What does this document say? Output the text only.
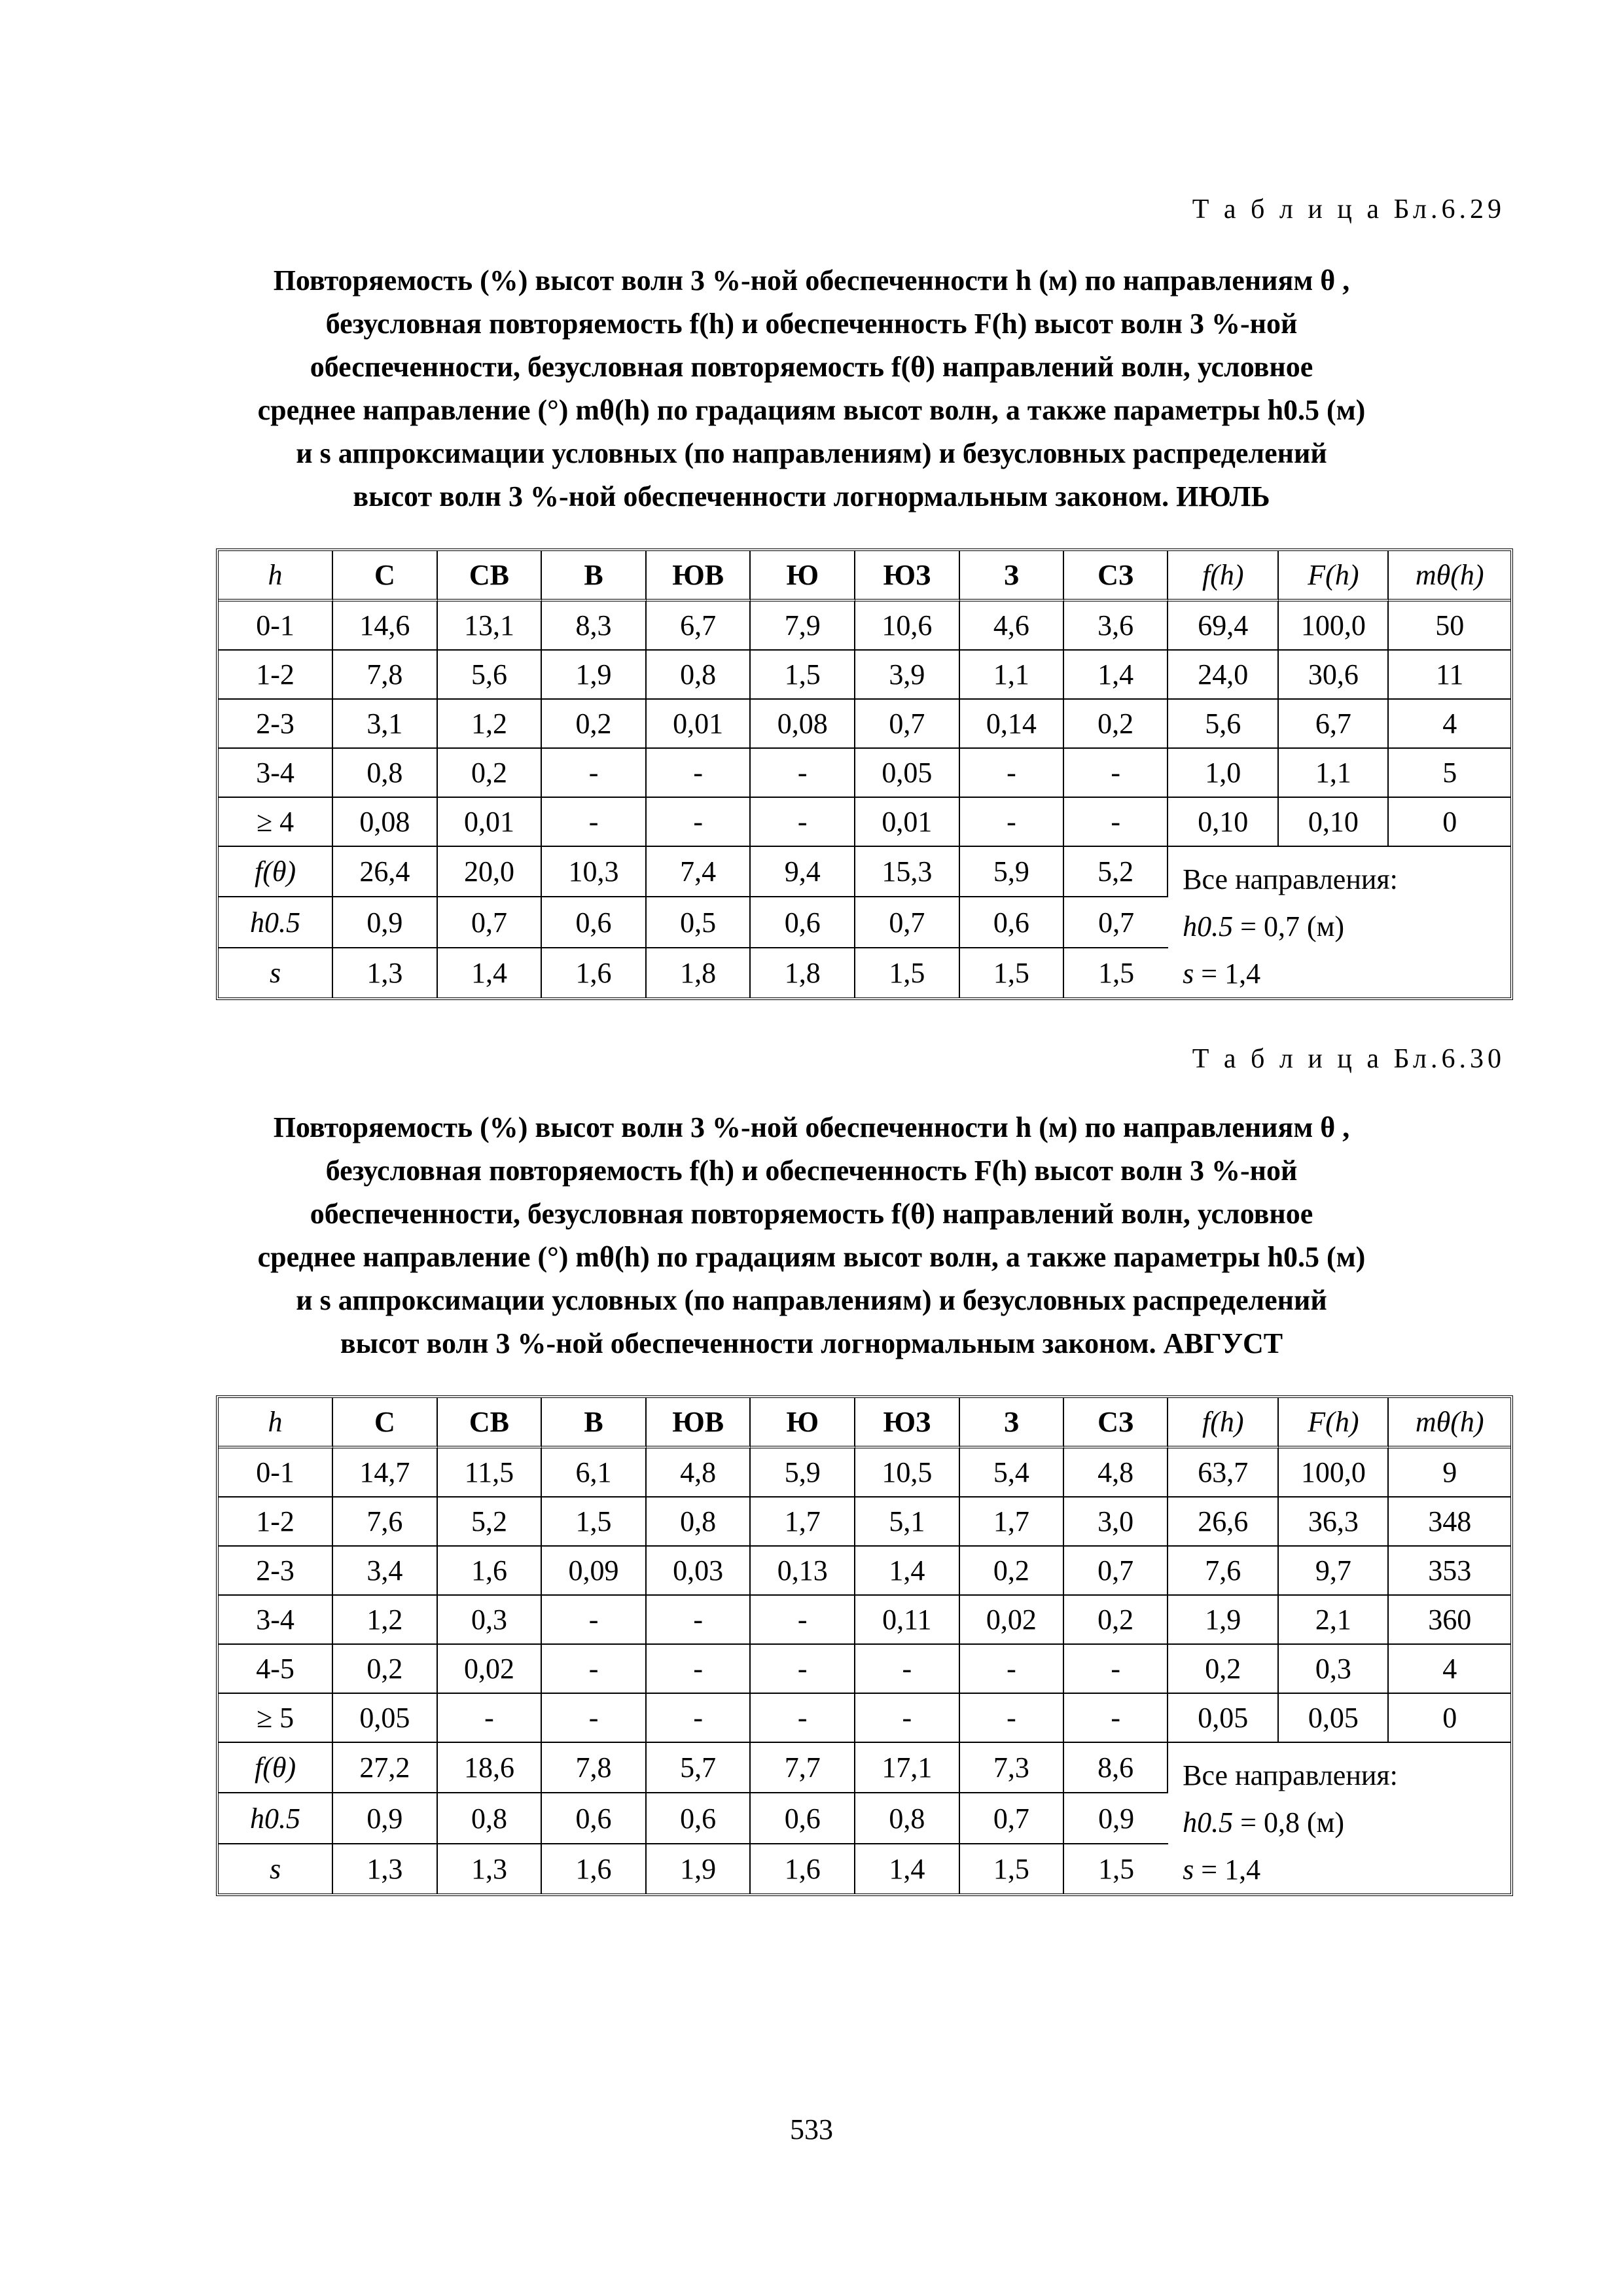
Т а б л и ц а Бл.6.29
Повторяемость (%) высот волн 3 %-ной обеспеченности h (м) по направлениям θ ,
безусловная повторяемость f(h) и обеспеченность F(h) высот волн 3 %-ной
обеспеченности, безусловная повторяемость f(θ) направлений волн, условное
среднее направление (°) mθ(h) по градациям высот волн, а также параметры h0.5 (м)
и s аппроксимации условных (по направлениям) и безусловных распределений
высот волн 3 %-ной обеспеченности логнормальным законом. ИЮЛЬ
h	С	СВ	В	ЮВ	Ю	ЮЗ	З	СЗ	f(h)	F(h)	mθ(h)
0-1	14,6	13,1	8,3	6,7	7,9	10,6	4,6	3,6	69,4	100,0	50
1-2	7,8	5,6	1,9	0,8	1,5	3,9	1,1	1,4	24,0	30,6	11
2-3	3,1	1,2	0,2	0,01	0,08	0,7	0,14	0,2	5,6	6,7	4
3-4	0,8	0,2	-	-	-	0,05	-	-	1,0	1,1	5
≥ 4	0,08	0,01	-	-	-	0,01	-	-	0,10	0,10	0
f(θ)	26,4	20,0	10,3	7,4	9,4	15,3	5,9	5,2	Все направления:
h0.5 = 0,7 (м)
s = 1,4		

h0.5	0,9	0,7	0,6	0,5	0,6	0,7	0,6	0,7			
s	1,3	1,4	1,6	1,8	1,8	1,5	1,5	1,5			
Т а б л и ц а Бл.6.30
Повторяемость (%) высот волн 3 %-ной обеспеченности h (м) по направлениям θ ,
безусловная повторяемость f(h) и обеспеченность F(h) высот волн 3 %-ной
обеспеченности, безусловная повторяемость f(θ) направлений волн, условное
среднее направление (°) mθ(h) по градациям высот волн, а также параметры h0.5 (м)
и s аппроксимации условных (по направлениям) и безусловных распределений
высот волн 3 %-ной обеспеченности логнормальным законом. АВГУСТ
h	С	СВ	В	ЮВ	Ю	ЮЗ	З	СЗ	f(h)	F(h)	mθ(h)
0-1	14,7	11,5	6,1	4,8	5,9	10,5	5,4	4,8	63,7	100,0	9
1-2	7,6	5,2	1,5	0,8	1,7	5,1	1,7	3,0	26,6	36,3	348
2-3	3,4	1,6	0,09	0,03	0,13	1,4	0,2	0,7	7,6	9,7	353
3-4	1,2	0,3	-	-	-	0,11	0,02	0,2	1,9	2,1	360
4-5	0,2	0,02	-	-	-	-	-	-	0,2	0,3	4
≥ 5	0,05	-	-	-	-	-	-	-	0,05	0,05	0
f(θ)	27,2	18,6	7,8	5,7	7,7	17,1	7,3	8,6	Все направления:
h0.5 = 0,8 (м)
s = 1,4		

h0.5	0,9	0,8	0,6	0,6	0,6	0,8	0,7	0,9			
s	1,3	1,3	1,6	1,9	1,6	1,4	1,5	1,5			
533
